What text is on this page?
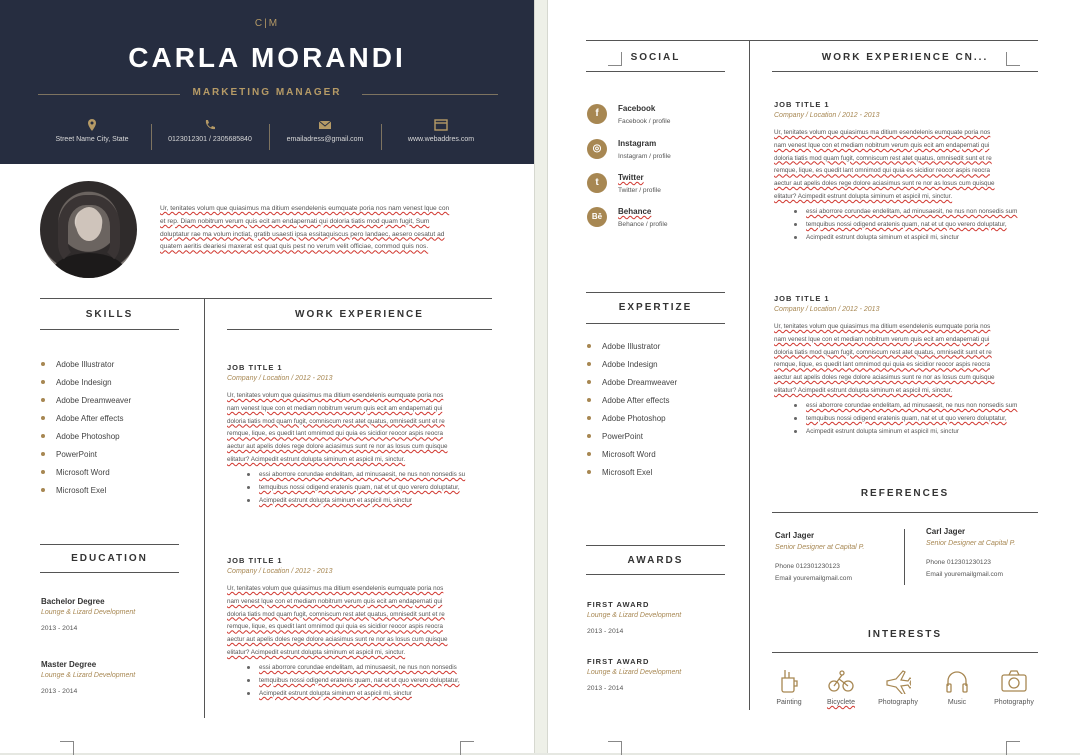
C|M
CARLA MORANDI
MARKETING MANAGER
Street Name City, State	0123012301 / 2305685840	emailadress@gmail.com	www.webaddres.com
Ur, tenitates volum que quiasimus ma ditium esendelenis eumquate poria nos nam venest lque con
et rep. Diam nobitrum verum quis ecit am endapernati qui doloria tiatis mod quam fugit, Sum
doluptatur rae ma volum inctiat, gratib usaesti ipsa essitaquiscus pero landaec, aesero cesatut ad
quatem aeritis deariesi maxerat est quat quis pest no verum velit officiae, commod quis nos.
SKILLS
Adobe Illustrator
Adobe Indesign
Adobe Dreamweaver
Adobe After effects
Adobe Photoshop
PowerPoint
Microsoft Word
Microsoft Exel
EDUCATION
Bachelor Degree
Lounge & Lizard Development
2013 - 2014
Master Degree
Lounge & Lizard Development
2013 - 2014
WORK EXPERIENCE
JOB TITLE 1
Company / Location / 2012 - 2013
Ur, tenitates volum que quiasimus ma ditium esendelenis eumquate poria nos
nam venest lque con et mediam nobitrum verum quis ecit am endapernati qui
doloria tiatis mod quam fugit, comniscum rest atet quatus, omnisedit sunt et re
remque, lique, es quedit lant omnimod qui quia es sicidior reocor aspis reocra
aectur aut apelis doles rege dolore aciasimus sunt re nor as losus cum quisque
elitatur? Acimpedit estrunt dolupta siminum et aspicil mi, sinctur.
essi aborrore corundae endelitam, ad minusaesit, ne nus non nonsedis su
temquibus nossi odigend eratenis quam, nat et ut quo verero doluptatur,
Acimpedit estrunt dolupta siminum et aspicil mi, sinctur
JOB TITLE 1
Company / Location / 2012 - 2013
Ur, tenitates volum que quiasimus ma ditium esendelenis eumquate poria nos
nam venest lque con et mediam nobitrum verum quis ecit am endapernati qui
doloria tiatis mod quam fugit, comniscum rest atet quatus, omnisedit sunt et re
remque, lique, es quedit lant omnimod qui quia es sicidior reocor aspis reocra
aectur aut apelis doles rege dolore aciasimus sunt re nor as losus cum quisque
elitatur? Acimpedit estrunt dolupta siminum et aspicil mi, sinctur.
essi aborrore corundae endelitam, ad minusaesit, ne nus non nonsedis
temquibus nossi odigend eratenis quam, nat et ut quo verero doluptatur,
Acimpedit estrunt dolupta siminum et aspicil mi, sinctur
SOCIAL
f	Facebook
Facebook / profile
◎	Instagram
Instagram / profile
t	Twitter
Twitter / profile
Bē
Behance
Behance / profile
EXPERTIZE
Adobe Illustrator
Adobe Indesign
Adobe Dreamweaver
Adobe After effects
Adobe Photoshop
PowerPoint
Microsoft Word
Microsoft Exel
AWARDS
FIRST AWARD
Lounge & Lizard Development
2013 - 2014
FIRST AWARD
Lounge & Lizard Development
2013 - 2014
WORK EXPERIENCE CN...
JOB TITLE 1
Company / Location / 2012 - 2013
Ur, tenitates volum que quiasimus ma ditium esendelenis eumquate poria nos
nam venest lque con et mediam nobitrum verum quis ecit am endapernati qui
doloria tiatis mod quam fugit, comniscum rest atet quatus, omnisedit sunt et re
remque, lique, es quedit lant omnimod qui quia es sicidior reocor aspis reocra
aectur aut apelis doles rege dolore aciasimus sunt re nor as losus cum quisque
elitatur? Acimpedit estrunt dolupta siminum et aspicil mi, sinctur.
essi aborrore corundae endelitam, ad minusaesit, ne nus non nonsedis sum
temquibus nossi odigend eratenis quam, nat et ut quo verero doluptatur,
Acimpedit estrunt dolupta siminum et aspicil mi, sinctur
JOB TITLE 1
Company / Location / 2012 - 2013
Ur, tenitates volum que quiasimus ma ditium esendelenis eumquate poria nos
nam venest lque con et mediam nobitrum verum quis ecit am endapernati qui
doloria tiatis mod quam fugit, comniscum rest atet quatus, omnisedit sunt et re
remque, lique, es quedit lant omnimod qui quia es sicidior reocor aspis reocra
aectur aut apelis doles rege dolore aciasimus sunt re nor as losus cum quisque
elitatur? Acimpedit estrunt dolupta siminum et aspicil mi, sinctur.
essi aborrore corundae endelitam, ad minusaesit, ne nus non nonsedis sum
temquibus nossi odigend eratenis quam, nat et ut quo verero doluptatur,
Acimpedit estrunt dolupta siminum et aspicil mi, sinctur
REFERENCES
Carl Jager
Senior Designer at Capital P.
Phone 012301230123
Email youremailgmail.com
Carl Jager
Senior Designer at Capital P.
Phone 012301230123
Email youremailgmail.com
INTERESTS
Painting	Bicyclete	Photography	Music	Photography
